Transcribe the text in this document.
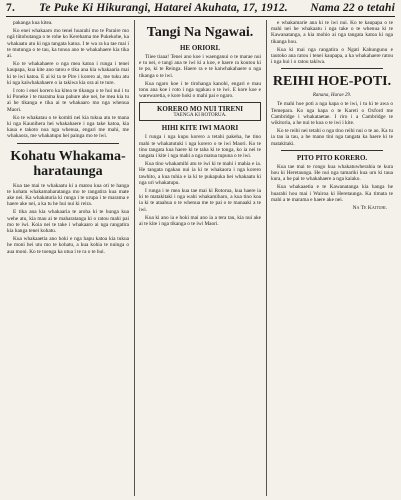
7.	Te Puke Ki Hikurangi, Hatarei Akuhata, 17, 1912.	Nama 22 o tetahi

pakanga kua kitea.

Ko enei whakaaro mo tenei huarahi mo te Paraire mo ngā tūtohutanga o te rohe ko Kerehama me Pukekohe, ka whakaatu atu ki nga tangata katoa. I te wa ra ka tae mai i te mutunga o te tau, ka tonoa ano te whakahaere kia tika ai.

Ko te whakahaere o nga mea katoa i runga i tenei kaupapa, kua kite ano tatou e tika ana kia whakaaria mai ki te iwi katoa. E ai ki ta te Pire i korero ai, me tuku atu ki nga kaiwhakahaere o ia takiwa kia ora ai te ture.

I roto i enei korero ka kitea te tikanga o te hui nui i tu ki Poneke i te marama kua pahure ake nei, he mea kia tu ai he tikanga e tika ai te whakaaro mo nga whenua Maori.

Ko te whakatau o te komiti nei kia tukua atu te mana ki nga Kaunihera hei whakahaere i nga take katoa, kia kaua e takoto noa nga whenua, engari me mahi, me whakaora, me whakatupu hei painga mo te iwi.

Kohatu Whakama-harataunga

Kua tae mai te whakaatu ki a matou kua oti te hanga te kohatu whakamaharatanga mo te rangatira kua mate ake nei. Ka whakaturia ki runga i te urupa i te marama e haere ake nei, a ka tu he hui nui ki reira.

E tika ana kia whakaaria te aroha ki te hunga kua wehe atu, kia mau ai te maharatanga ki o ratou mahi pai mo te iwi. Koia nei te take i whakaaro ai nga rangatira kia hanga tenei kohatu.

Kua whakaaetia ano hoki e nga hapu katoa kia tukua he moni hei utu mo te kohatu, a kua kohia te nuinga o aua moni. Ko te toenga ka utua i te ra o te hui.

Tangi Na Ngawai.
HE ORIORI.

Tiiee tiaaa! Tenei ano koe i waenganui o te marae nui e tu nei, e tangi ana te iwi ki a koe, e haere ra koutou ki te po, ki te Reinga. Haere ra e te kaiwhakahaere o nga tikanga o te iwi.

Kua ngaro koe i te tirohanga kanohi, engari e mau tonu ana koe i roto i nga ngakau o te iwi. E kore koe e warewaretia, e kore hoki o mahi pai e ngaro.

KORERO MO NUI TIRENI
TAENGA KI ROTORUA.
HIHI KITE IWI MAORI

I runga i nga kupu korero a tetahi pakeha, he tino mahi te whakatutuki i nga korero o te iwi Maori. Ko te tino tangata kua haere ki te taha ki te tonga, ko ia nei te tangata i kite i nga mahi a nga matua tupuna o te iwi.

Kua tino whakamihi atu te iwi ki te mahi i mahia e ia. He tangata ngakau nui ia ki te whakaora i nga korero tawhito, a kua tuhia e ia ki te pukapuka hei whakaatu ki nga uri whakatupu.

I runga i te mea kua tae mai ki Rotorua, kua haere ia ki te matakitaki i nga wahi whakamiharo, a kua tino koa ia ki te ataahua o te whenua me te pai o te manaaki a te iwi.

Kua ki ano ia e hoki mai ano ia a tera tau, kia nui ake ai te kite i nga tikanga o te iwi Maori.

e whakamarie ana ki te iwi nui. Ko te kaupapa o te mahi nei he whakaatu i nga take o te whenua ki te Kawanatanga, a kia mohio ai nga tangata katoa ki nga tikanga hou.

Kua ki mai nga rangatira o Ngati Kahungunu e tautoko ana ratou i tenei kaupapa, a ka whakahaere ratou i nga hui i o ratou takiwa.

REIHI HOE-POTI.
Ranana, Hurae 29.

Te mahi hoe poti a nga kapa o te iwi, i tu ki te awa o Temepara. Ko nga kapa o te Kareti o Oxford me Cambridge i whakataetae. I riro i a Cambridge te wikitoria, a he nui te koa o te iwi i kite.

Ko te reihi nei tetahi o nga tino reihi nui o te ao. Ka tu ia tau ia tau, a he mano tini nga tangata ka haere ki te matakitaki.

PITO PITO KORERO.

Kua tae mai te rongo kua whakatuwherahia te kura hou ki Heretaunga. He nui nga tamariki kua uru ki taua kura, a he pai te whakahaere a nga kaiako.

Kua whakaaetia e te Kawanatanga kia hanga he huarahi hou mai i Wairoa ki Heretaunga. Ka timata te mahi a te marama e haere ake nei.

Na Te Kaituhi.
